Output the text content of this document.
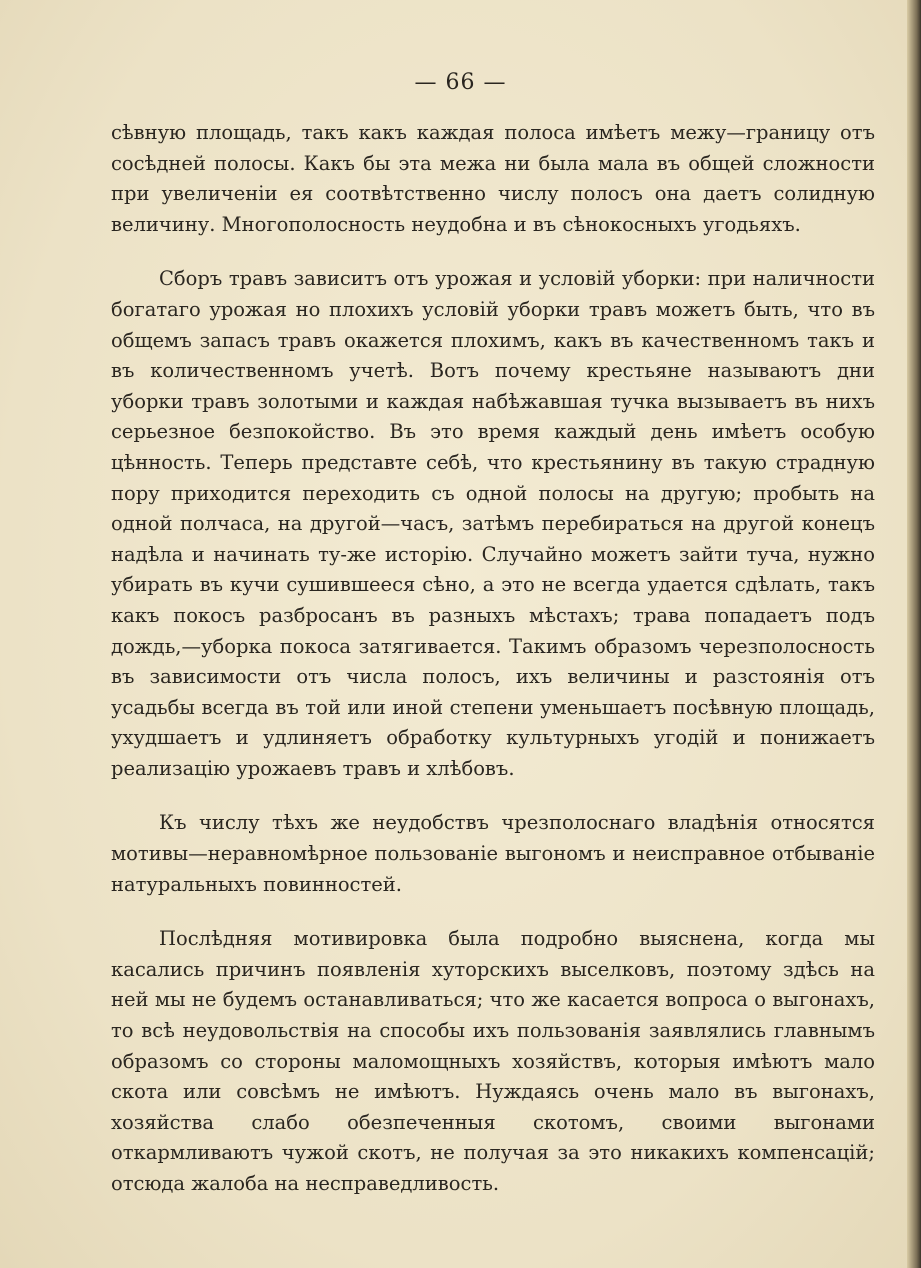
— 66 —

сѣвную площадь, такъ какъ каждая полоса имѣетъ межу—границу отъ сосѣдней полосы. Какъ бы эта межа ни была мала въ общей сложности при увеличеніи ея соотвѣтственно числу полосъ она даетъ солидную величину. Многополосность неудобна и въ сѣнокосныхъ угодьяхъ.

Сборъ травъ зависитъ отъ урожая и условій уборки: при наличности богатаго урожая но плохихъ условій уборки травъ можетъ быть, что въ общемъ запасъ травъ окажется плохимъ, какъ въ качественномъ такъ и въ количественномъ учетѣ. Вотъ почему крестьяне называютъ дни уборки травъ золотыми и каждая набѣжавшая тучка вызываетъ въ нихъ серьезное безпокойство. Въ это время каждый день имѣетъ особую цѣнность. Теперь представте себѣ, что крестьянину въ такую страдную пору приходится переходить съ одной полосы на другую; пробыть на одной полчаса, на другой—часъ, затѣмъ перебираться на другой конецъ надѣла и начинать ту-же исторію. Случайно можетъ зайти туча, нужно убирать въ кучи сушившееся сѣно, а это не всегда удается сдѣлать, такъ какъ покосъ разбросанъ въ разныхъ мѣстахъ; трава попадаетъ подъ дождь,—уборка покоса затягивается. Такимъ образомъ черезполосность въ зависимости отъ числа полосъ, ихъ величины и разстоянія отъ усадьбы всегда въ той или иной степени уменьшаетъ посѣвную площадь, ухудшаетъ и удлиняетъ обработку культурныхъ угодій и понижаетъ реализацію урожаевъ травъ и хлѣбовъ.

Къ числу тѣхъ же неудобствъ чрезполоснаго владѣнія относятся мотивы—неравномѣрное пользованіе выгономъ и неисправное отбываніе натуральныхъ повинностей.

Послѣдняя мотивировка была подробно выяснена, когда мы касались причинъ появленія хуторскихъ выселковъ, поэтому здѣсь на ней мы не будемъ останавливаться; что же касается вопроса о выгонахъ, то всѣ неудовольствія на способы ихъ пользованія заявлялись главнымъ образомъ со стороны маломощныхъ хозяйствъ, которыя имѣютъ мало скота или совсѣмъ не имѣютъ. Нуждаясь очень мало въ выгонахъ, хозяйства слабо обезпеченныя скотомъ, своими выгонами откармливаютъ чужой скотъ, не получая за это никакихъ компенсацій; отсюда жалоба на несправедливость.
